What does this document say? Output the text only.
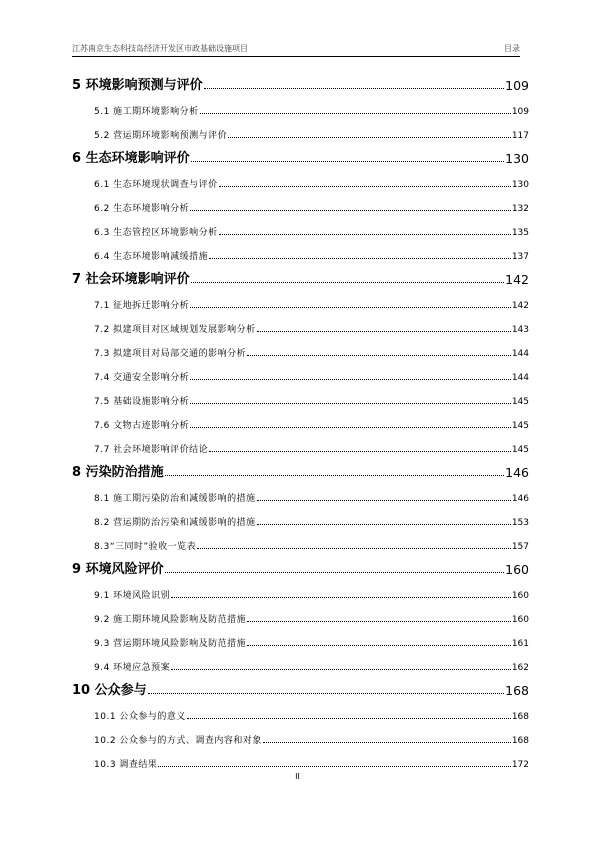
江苏南京生态科技岛经济开发区市政基础设施项目	目录
5 环境影响预测与评价	109
5.1 施工期环境影响分析	109
5.2 营运期环境影响预测与评价	117
6 生态环境影响评价	130
6.1 生态环境现状调查与评价	130
6.2 生态环境影响分析	132
6.3 生态管控区环境影响分析	135
6.4 生态环境影响减缓措施	137
7 社会环境影响评价	142
7.1 征地拆迁影响分析	142
7.2 拟建项目对区域规划发展影响分析	143
7.3 拟建项目对局部交通的影响分析	144
7.4 交通安全影响分析	144
7.5 基础设施影响分析	145
7.6 文物古迹影响分析	145
7.7 社会环境影响评价结论	145
8 污染防治措施	146
8.1 施工期污染防治和减缓影响的措施	146
8.2 营运期防治污染和减缓影响的措施	153
8.3“三同时”验收一览表	157
9 环境风险评价	160
9.1 环境风险识别	160
9.2 施工期环境风险影响及防范措施	160
9.3 营运期环境风险影响及防范措施	161
9.4 环境应急预案	162
10 公众参与	168
10.1 公众参与的意义	168
10.2 公众参与的方式、调查内容和对象	168
10.3 调查结果	172
II
